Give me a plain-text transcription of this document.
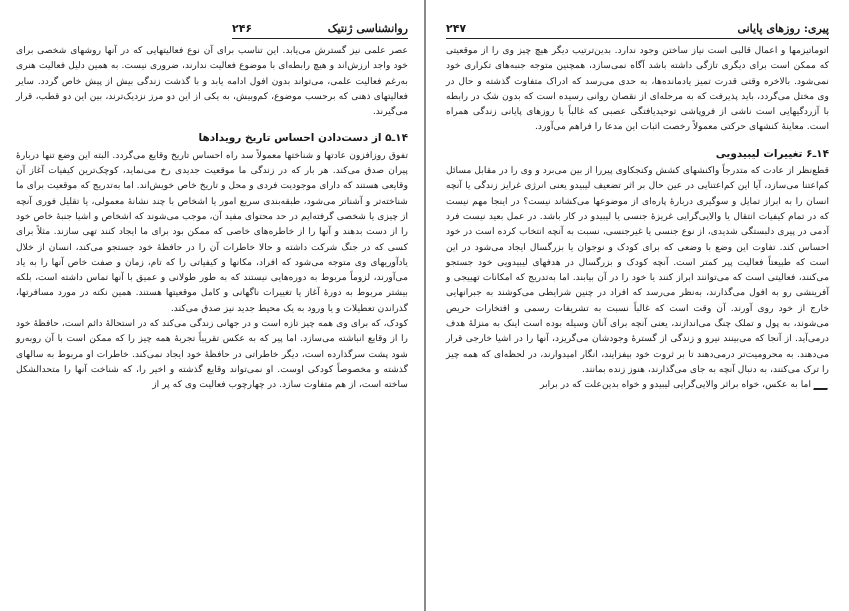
۲۴۶	روانشناسی ژنتیک

عصر علمی نیز گسترش می‌یابد. این تناسب برای آن نوع فعالیتهایی که در آنها روشهای شخصی برای خود واجد ارزش‌اند و هیچ رابطه‌ای با موضوع فعالیت ندارند، ضروری نیست. به همین دلیل فعالیت هنری به‌رغم فعالیت علمی، می‌تواند بدون افول ادامه یابد و با گذشت زندگی بیش از پیش خاص گردد. سایر فعالیتهای ذهنی که برحسب موضوع، کم‌وبیش، به یکی از این دو مرز نزدیک‌ترند، بین این دو قطب، قرار می‌گیرند.

۱۴ـ۵ از دست‌دادن احساس تاریخ رویدادها

تفوق روزافزون عادتها و شناختها معمولاً سد راه احساس تاریخ وقایع می‌گردد. البته این وضع تنها دربارهٔ پیران صدق می‌کند. هر بار که در زندگی ما موقعیت جدیدی رخ می‌نماید، کوچک‌ترین کیفیات آغاز آن وقایعی هستند که دارای موجودیت فردی و محل و تاریخ خاص خویش‌اند. اما به‌تدریج که موقعیت برای ما شناخته‌تر و آشناتر می‌شود، طبقه‌بندی سریع امور یا اشخاص با چند نشانهٔ معمولی، یا تقلیل فوری آنچه از چیزی یا شخصی گرفته‌ایم در حد محتوای مفید آن، موجب می‌شوند که اشخاص و اشیا جنبهٔ خاص خود را از دست بدهند و آنها را از خاطره‌های خاصی که ممکن بود برای ما ایجاد کنند تهی سازند. مثلاً برای کسی که در جنگ شرکت داشته و حالا خاطرات آن را در حافظهٔ خود جستجو می‌کند، انسان از خلال یادآوریهای وی متوجه می‌شود که افراد، مکانها و کیفیاتی را که تام، زمان و صفت خاص آنها را به یاد می‌آورند، لزوماً مربوط به دوره‌هایی نیستند که به طور طولانی و عمیق با آنها تماس داشته است، بلکه بیشتر مربوط به دورهٔ آغاز یا تغییرات ناگهانی و کامل موقعیتها هستند. همین نکته در مورد مسافرتها، گذراندن تعطیلات و یا ورود به یک محیط جدید نیز صدق می‌کند.

کودک، که برای وی همه چیز تازه است و در جهانی زندگی می‌کند که در استحالهٔ دائم است، حافظهٔ خود را از وقایع انباشته می‌سازد. اما پیر که به عکس تقریباً تجربهٔ همه چیز را که ممکن است با آن روبه‌رو شود پشت سرگذارده است، دیگر خاطراتی در حافظهٔ خود ایجاد نمی‌کند. خاطرات او مربوط به سالهای گذشته و مخصوصاً کودکی اوست. او نمی‌تواند وقایع گذشته و اخیر را، که شناخت آنها را متحدالشکل ساخته است، از هم متفاوت سازد. در چهارچوب فعالیت وی که پر از

۲۴۷	پیری: روزهای پایانی

اتوماتیزمها و اعمال قالبی است نیاز ساختن وجود ندارد. بدین‌ترتیب دیگر هیچ چیز وی را از موقعیتی که ممکن است برای دیگری تازگی داشته باشد آگاه نمی‌سازد، همچنین متوجه جنبه‌های تکراری خود نمی‌شود. بالاخره وقتی قدرت تمیز یادمانده‌ها، به حدی می‌رسد که ادراک متفاوت گذشته و حال در وی مختل می‌گردد، باید پذیرفت که به مرحله‌ای از نقصان روانی رسیده است که بدون شک در رابطه با آزردگیهایی است ناشی از فروپاشی توحیدیافتگی عصبی که غالباً با روزهای پایانی زندگی همراه است. معاینهٔ کنشهای حرکتی معمولاً رخصت اثبات این مدعا را فراهم می‌آورد.

۱۴ـ۶ تغییرات لیبیدویی

قطع‌نظر از عادت که متدرجاً واکنشهای کشش وکنجکاوی پیررا از بین می‌برد و وی را در مقابل مسائل کم‌اعتنا می‌سازد، آیا این کم‌اعتنایی در عین حال بر اثر تضعیف لیبیدو یعنی انرژی غرایز زندگی یا آنچه انسان را به ابراز تمایل و سوگیری دربارهٔ پاره‌ای از موضوعها می‌کشاند نیست؟ در اینجا مهم نیست که در تمام کیفیات انتقال یا والایی‌گرایی غریزهٔ جنسی یا لیبیدو در کار باشد. در عمل بعید نیست فرد آدمی در پیری دلبستگی شدیدی، از نوع جنسی یا غیرجنسی، نسبت به آنچه انتخاب کرده است در خود احساس کند. تفاوت این وضع با وضعی که برای کودک و نوجوان یا بزرگسال ایجاد می‌شود در این است که طبیعتاً فعالیت پیر کمتر است. آنچه کودک و بزرگسال در هدفهای لیبیدویی خود جستجو می‌کنند، فعالیتی است که می‌توانند ابراز کنند یا خود را در آن بیابند. اما به‌تدریج که امکانات تهییجی و آفرینشی رو به افول می‌گذارند، به‌نظر می‌رسد که افراد در چنین شرایطی می‌کوشند به جبرانهایی خارج از خود روی آورند. آن وقت است که غالباً نسبت به تشریفات رسمی و افتخارات حریص می‌شوند، به پول و تملک چنگ می‌اندازند، یعنی آنچه برای آنان وسیله بوده است اینک به منزلهٔ هدف درمی‌آید. از آنجا که می‌بینند نیرو و زندگی از گسترهٔ وجودشان می‌گریزد، آنها را در اشیا خارجی قرار می‌دهند. به محرومیت‌تر درمی‌دهند تا بر ثروت خود بیفزایند، انگار امیدوارند، در لحظه‌ای که همه چیز را ترک می‌کنند، به دنبال آنچه به جای می‌گذارند، هنوز زنده بمانند.

اما به عکس، خواه براثر والایی‌گرایی لیبیدو و خواه بدین‌علت که در برابر
